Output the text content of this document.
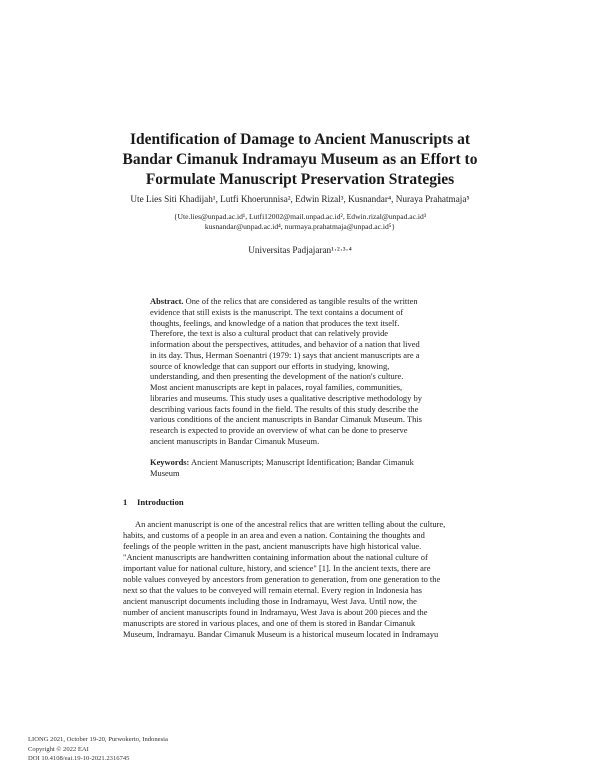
Identification of Damage to Ancient Manuscripts at
Bandar Cimanuk Indramayu Museum as an Effort to
Formulate Manuscript Preservation Strategies
Ute Lies Siti Khadijah¹, Lutfi Khoerunnisa², Edwin Rizal³, Kusnandar⁴, Nuraya Prahatmaja⁵
{Ute.lies@unpad.ac.id¹, Lutfi12002@mail.unpad.ac.id², Edwin.rizal@unpad.ac.id³
kusnandar@unpad.ac.id⁴, nurmaya.prahatmaja@unpad.ac.id⁵}
Universitas Padjajaran¹·²·³·⁴
Abstract. One of the relics that are considered as tangible results of the written
evidence that still exists is the manuscript. The text contains a document of
thoughts, feelings, and knowledge of a nation that produces the text itself.
Therefore, the text is also a cultural product that can relatively provide
information about the perspectives, attitudes, and behavior of a nation that lived
in its day. Thus, Herman Soenantri (1979: 1) says that ancient manuscripts are a
source of knowledge that can support our efforts in studying, knowing,
understanding, and then presenting the development of the nation's culture.
Most ancient manuscripts are kept in palaces, royal families, communities,
libraries and museums. This study uses a qualitative descriptive methodology by
describing various facts found in the field. The results of this study describe the
various conditions of the ancient manuscripts in Bandar Cimanuk Museum. This
research is expected to provide an overview of what can be done to preserve
ancient manuscripts in Bandar Cimanuk Museum.
Keywords: Ancient Manuscripts; Manuscript Identification; Bandar Cimanuk
Museum
1 Introduction
An ancient manuscript is one of the ancestral relics that are written telling about the culture,
habits, and customs of a people in an area and even a nation. Containing the thoughts and
feelings of the people written in the past, ancient manuscripts have high historical value.
"Ancient manuscripts are handwritten containing information about the national culture of
important value for national culture, history, and science" [1]. In the ancient texts, there are
noble values conveyed by ancestors from generation to generation, from one generation to the
next so that the values to be conveyed will remain eternal. Every region in Indonesia has
ancient manuscript documents including those in Indramayu, West Java. Until now, the
number of ancient manuscripts found in Indramayu, West Java is about 200 pieces and the
manuscripts are stored in various places, and one of them is stored in Bandar Cimanuk
Museum, Indramayu. Bandar Cimanuk Museum is a historical museum located in Indramayu
LIONG 2021, October 19-20, Purwokerto, Indonesia
Copyright © 2022 EAI
DOI 10.4108/eai.19-10-2021.2316745
